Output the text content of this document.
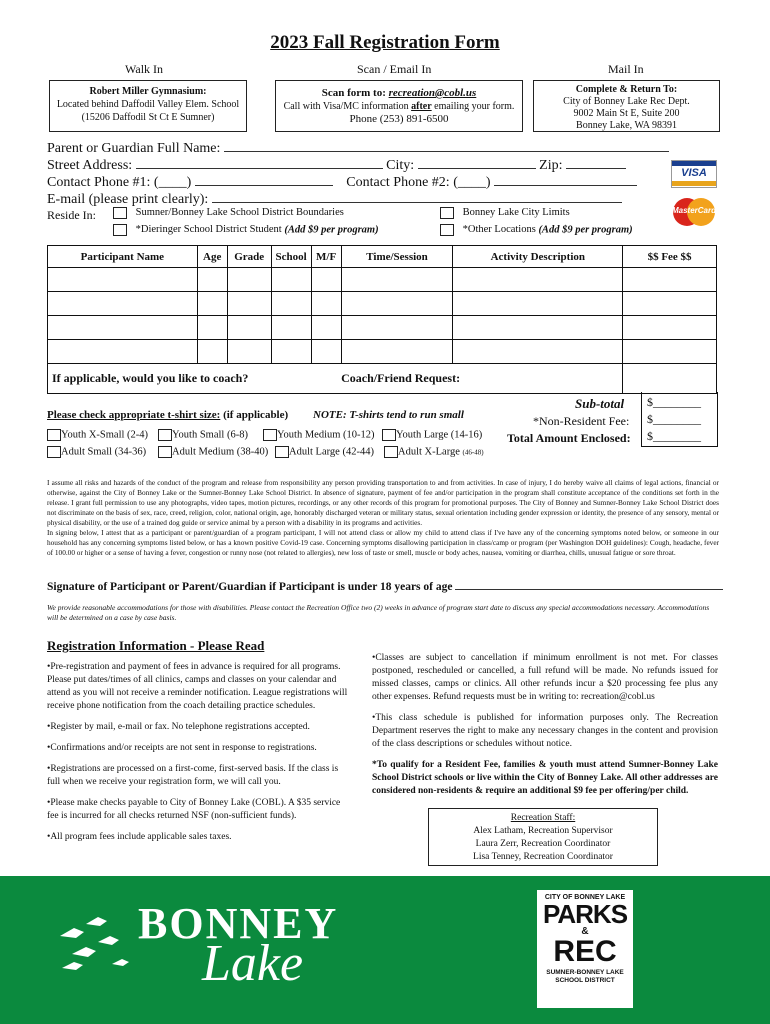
2023 Fall Registration Form
Walk In	Scan / Email In	Mail In
Robert Miller Gymnasium:
Located behind Daffodil Valley Elem. School
(15206 Daffodil St Ct E Sumner)
Scan form to: recreation@cobl.us
Call with Visa/MC information after emailing your form.
Phone (253) 891-6500
Complete & Return To:
City of Bonney Lake Rec Dept.
9002 Main St E, Suite 200
Bonney Lake, WA 98391
Parent or Guardian Full Name:
Street Address:	City:	Zip:
Contact Phone #1: (____)	Contact Phone #2: (____)
E-mail (please print clearly):
VISA
MasterCard
Reside In:	Sumner/Bonney Lake School District Boundaries
*Dieringer School District Student (Add $9 per program)
Bonney Lake City Limits
*Other Locations (Add $9 per program)
Participant Name	Age	Grade	School	M/F	Time/Session	Activity Description	$$ Fee $$

If applicable, would you like to coach?					Coach/Friend Request:		
Sub-total
*Non-Resident Fee:
Total Amount Enclosed:
$________
$________
$________
Please check appropriate t-shirt size: (if applicable) NOTE: T-shirts tend to run small
Youth X-Small (2-4)	Youth Small (6-8)	Youth Medium (10-12)	Youth Large (14-16)
Adult Small (34-36)	Adult Medium (38-40)	Adult Large (42-44)	Adult X-Large (46-48)
I assume all risks and hazards of the conduct of the program and release from responsibility any person providing transportation to and from activities. In case of injury, I do hereby waive all claims of legal actions, financial or otherwise, against the City of Bonney Lake or the Sumner-Bonney Lake School District. In absence of signature, payment of fee and/or participation in the program shall constitute acceptance of the conditions set forth in the release. I grant full permission to use any photographs, video tapes, motion pictures, recordings, or any other records of this program for promotional purposes. The City of Bonney and Sumner-Bonney Lake School District does not discriminate on the basis of sex, race, creed, religion, color, national origin, age, honorably discharged veteran or military status, sexual orientation including gender expression or identity, the presence of any sensory, mental or physical disability, or the use of a trained dog guide or service animal by a person with a disability in its programs and activities.
In signing below, I attest that as a participant or parent/guardian of a program participant, I will not attend class or allow my child to attend class if I've have any of the concerning symptoms noted below, or someone in our household has any concerning symptoms listed below, or has a known positive Covid-19 case. Concerning symptoms disallowing participation in class/camp or program (per Washington DOH guidelines): Cough, headache, fever of 100.00 or higher or a sense of having a fever, congestion or runny nose (not related to allergies), new loss of taste or smell, muscle or body aches, nausea, vomiting or diarrhea, chills, unusual fatigue or sore throat.
Signature of Participant or Parent/Guardian if Participant is under 18 years of age
We provide reasonable accommodations for those with disabilities. Please contact the Recreation Office two (2) weeks in advance of program start date to discuss any special accommodations necessary. Accommodations will be determined on a case by case basis.
Registration Information - Please Read
•Pre-registration and payment of fees in advance is required for all programs. Please put dates/times of all clinics, camps and classes on your calendar and attend as you will not receive a reminder notification. League registrations will receive phone notification from the coach detailing practice schedules.
•Register by mail, e-mail or fax. No telephone registrations accepted.
•Confirmations and/or receipts are not sent in response to registrations.
•Registrations are processed on a first-come, first-served basis. If the class is full when we receive your registration form, we will call you.
•Please make checks payable to City of Bonney Lake (COBL). A $35 service fee is incurred for all checks returned NSF (non-sufficient funds).
•All program fees include applicable sales taxes.
•Classes are subject to cancellation if minimum enrollment is not met. For classes postponed, rescheduled or cancelled, a full refund will be made. No refunds issued for missed classes, camps or clinics. All other refunds incur a $20 processing fee plus any other expenses. Refund requests must be in writing to: recreation@cobl.us
•This class schedule is published for information purposes only. The Recreation Department reserves the right to make any necessary changes in the content and provision of the class descriptions or schedules without notice.
*To qualify for a Resident Fee, families & youth must attend Sumner-Bonney Lake School District schools or live within the City of Bonney Lake. All other addresses are considered non-residents & require an additional $9 fee per offering/per child.
Recreation Staff:
Alex Latham, Recreation Supervisor
Laura Zerr, Recreation Coordinator
Lisa Tenney, Recreation Coordinator
BONNEY
Lake
CITY OF BONNEY LAKE
PARKS
&
REC
SUMNER-BONNEY LAKE SCHOOL DISTRICT
